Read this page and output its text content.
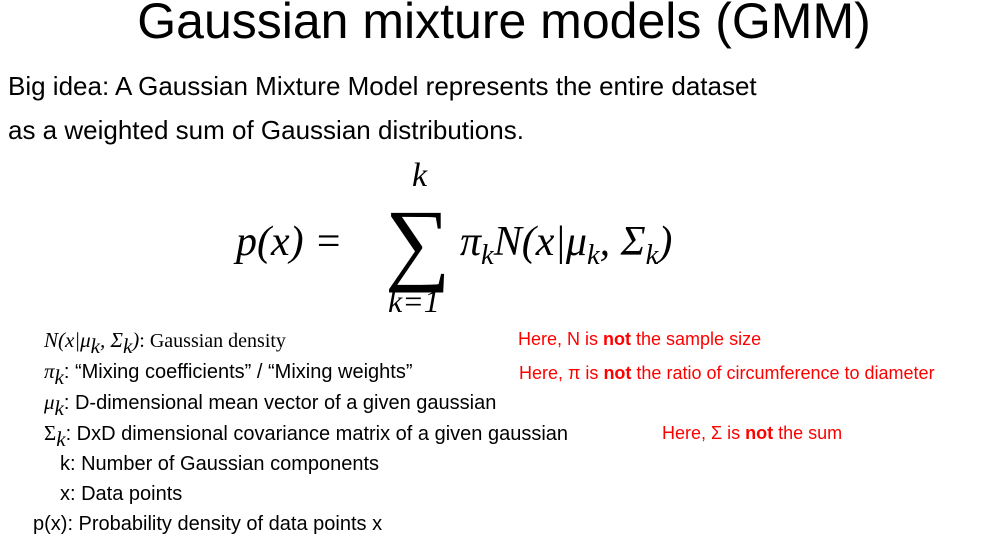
Gaussian mixture models (GMM)
Big idea: A Gaussian Mixture Model represents the entire dataset
as a weighted sum of Gaussian distributions.
p(x) =
k
∑
k=1
$\pi_kN(x|\mu_k$, $\Sigma_k$)
N(x|μk, Σk): Gaussian density
πk: “Mixing coefficients” / “Mixing weights”
μk: D-dimensional mean vector of a given gaussian
Σk: DxD dimensional covariance matrix of a given gaussian
k: Number of Gaussian components
x: Data points
p(x): Probability density of data points x
Here, N is not the sample size
Here, π is not the ratio of circumference to diameter
Here, Σ is not the sum
